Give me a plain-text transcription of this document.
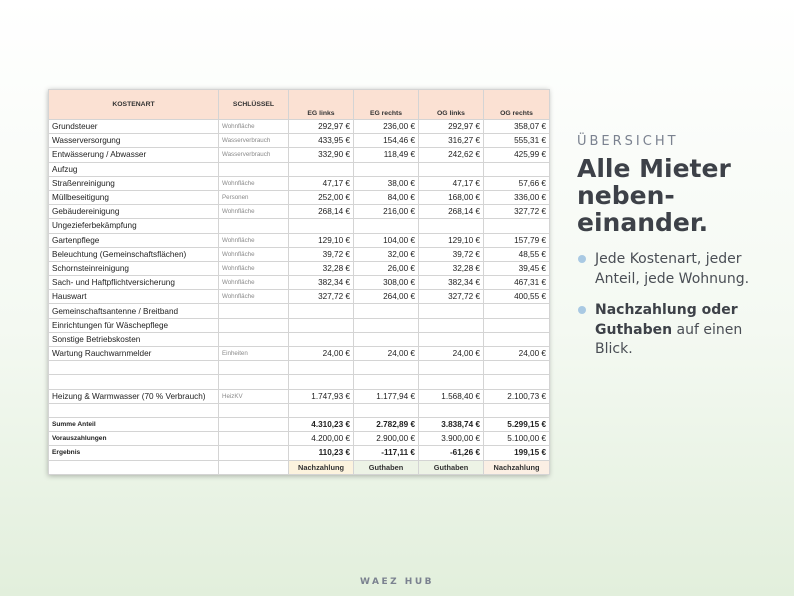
KOSTENART	SCHLÜSSEL	EG links	EG rechts	OG links	OG rechts
Grundsteuer	Wohnfläche	292,97 €	236,00 €	292,97 €	358,07 €
Wasserversorgung	Wasserverbrauch	433,95 €	154,46 €	316,27 €	555,31 €
Entwässerung / Abwasser	Wasserverbrauch	332,90 €	118,49 €	242,62 €	425,99 €
Aufzug					
Straßenreinigung	Wohnfläche	47,17 €	38,00 €	47,17 €	57,66 €
Müllbeseitigung	Personen	252,00 €	84,00 €	168,00 €	336,00 €
Gebäudereinigung	Wohnfläche	268,14 €	216,00 €	268,14 €	327,72 €
Ungezieferbekämpfung					
Gartenpflege	Wohnfläche	129,10 €	104,00 €	129,10 €	157,79 €
Beleuchtung (Gemeinschaftsflächen)	Wohnfläche	39,72 €	32,00 €	39,72 €	48,55 €
Schornsteinreinigung	Wohnfläche	32,28 €	26,00 €	32,28 €	39,45 €
Sach- und Haftpflichtversicherung	Wohnfläche	382,34 €	308,00 €	382,34 €	467,31 €
Hauswart	Wohnfläche	327,72 €	264,00 €	327,72 €	400,55 €
Gemeinschaftsantenne / Breitband					
Einrichtungen für Wäschepflege					
Sonstige Betriebskosten					
Wartung Rauchwarnmelder	Einheiten	24,00 €	24,00 €	24,00 €	24,00 €

Heizung & Warmwasser (70 % Verbrauch)	HeizKV	1.747,93 €	1.177,94 €	1.568,40 €	2.100,73 €

Summe Anteil		4.310,23 €	2.782,89 €	3.838,74 €	5.299,15 €
Vorauszahlungen		4.200,00 €	2.900,00 €	3.900,00 €	5.100,00 €
Ergebnis		110,23 €	-117,11 €	-61,26 €	199,15 €
		Nachzahlung	Guthaben	Guthaben	Nachzahlung
ÜBERSICHT
Alle Mieter
neben-
einander.
Jede Kostenart, jeder Anteil, jede Wohnung.
Nachzahlung oder Guthaben auf einen Blick.
WAEZ HUB
